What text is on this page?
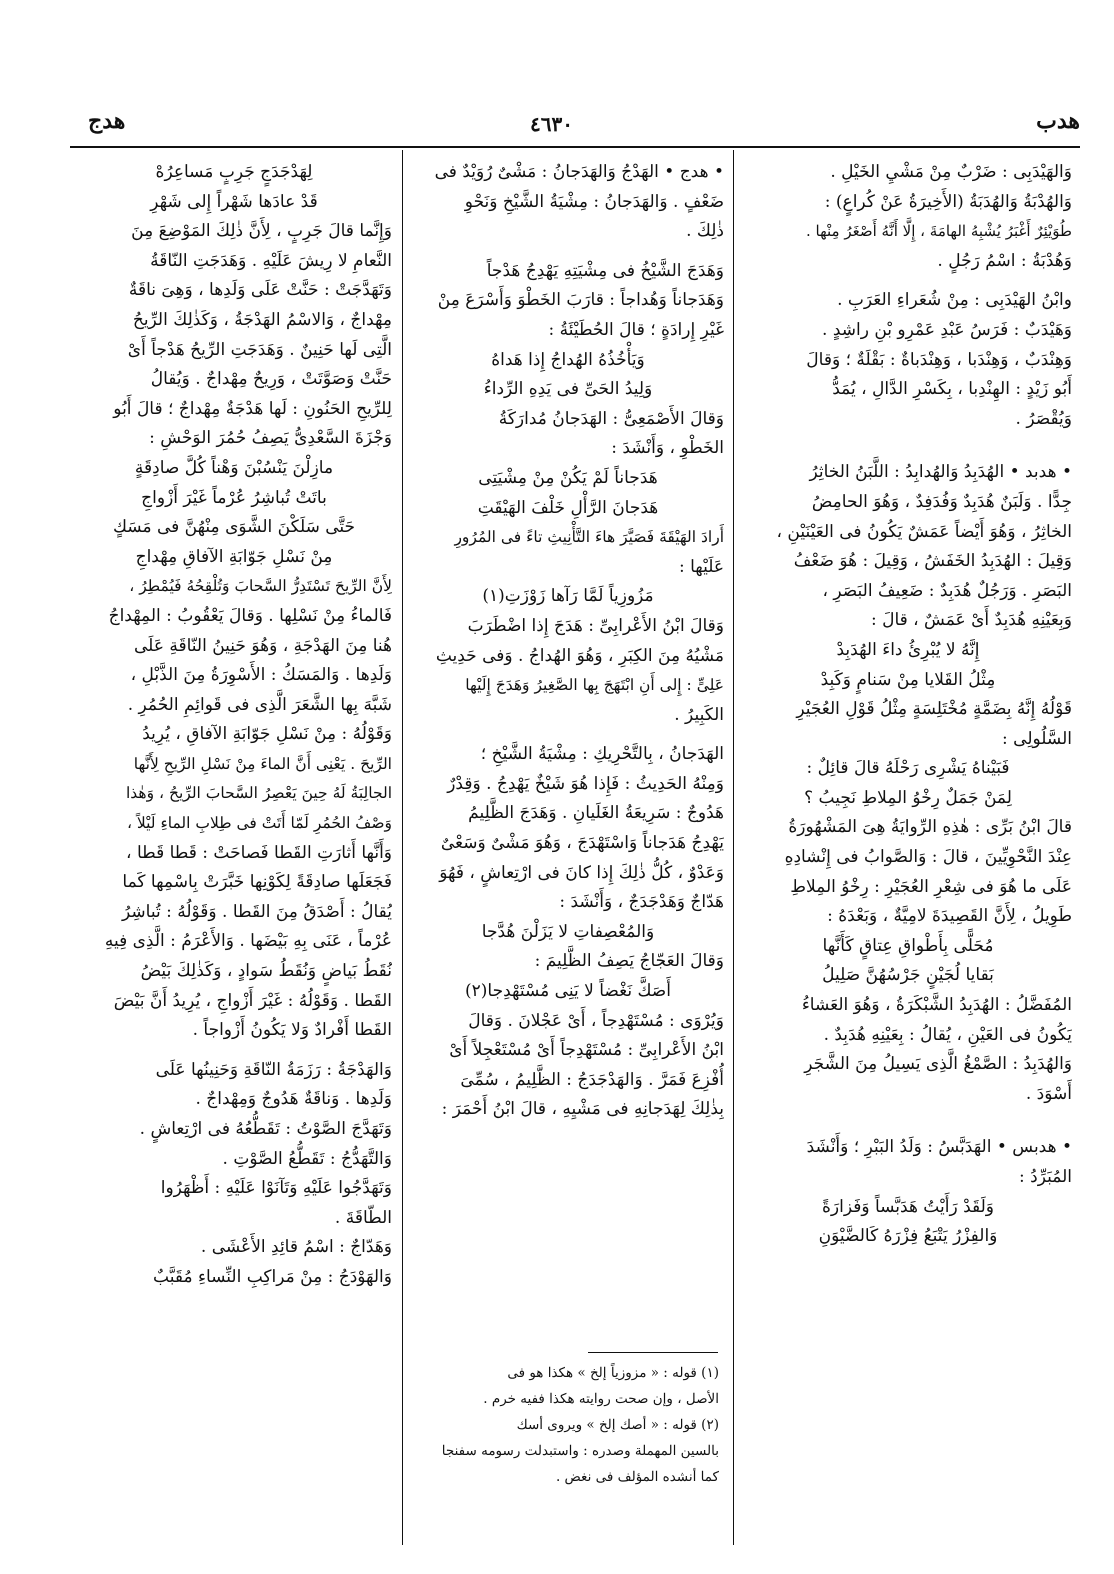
هدب
٤٦٣٠
هدج

وَالهَيْدَبِى : ضَرْبٌ مِنْ مَشْيِ الخَيْلِ .

وَالهُدْبَةُ وَالهُدَبَةُ (الأَخِيرَةُ عَنْ كُراعٍ) :

طُوَيْئِرٌ أَغْبَرُ يُشْبِهُ الهامَةَ ، إِلَّا أَنَّهُ أَصْغَرُ مِنْها .

وَهُدْبَةُ : اسْمُ رَجُلٍ .

وابْنُ الهَيْدَبِى : مِنْ شُعَراءِ العَرَبِ .

وَهَيْدَبٌ : فَرَسُ عَبْدِ عَمْرِو بْنِ راشِدٍ .

وَهِنْدَبٌ ، وَهِنْدَبا ، وَهِنْدَباةٌ : بَقْلَةٌ ؛ وَقالَ

أَبُو زَيْدٍ : الهِنْدِبا ، بِكَسْرِ الدَّالِ ، يُمَدُّ

وَيُقْصَرُ .

• هدبد • الهُدَبِدُ وَالهُدابِدُ : اللَّبَنُ الخاثِرُ

جِدًّا . وَلَبَنٌ هُدَبِدٌ وَفُدَفِدٌ ، وَهُوَ الحامِضُ

الخاثِرُ ، وَهُوَ أَيْضاً عَمَشٌ يَكُونُ فى العَيْنَيْنِ ،

وَقِيلَ : الهُدَبِدُ الخَفَشُ ، وَقِيلَ : هُوَ ضَعْفُ

البَصَرِ . وَرَجُلٌ هُدَبِدٌ : ضَعِيفُ البَصَرِ ،

وَبِعَيْنِهِ هُدَبِدٌ أَىْ عَمَشٌ ، قالَ :

إِنَّهُ لا يُبْرِئُ داءَ الهُدَبِدْ

مِثْلُ القَلايا مِنْ سَنامٍ وَكَبِدْ

قَوْلُهُ إِنَّهُ بِضَمَّةٍ مُخْتَلِسَةٍ مِثْلُ قَوْلِ العُجَيْرِ

السَّلُولِى :

فَبَيْناهُ يَشْرِى رَحْلَهُ قالَ قائِلٌ :

لِمَنْ جَمَلٌ رِخْوُ المِلاطِ نَجِيبُ ؟

قالَ ابْنُ بَرِّى : هٰذِهِ الرِّوايَةُ هِىَ المَشْهُورَةُ

عِنْدَ النَّحْوِيِّينَ ، قالَ : وَالصَّوابُ فى إِنْشادِهِ

عَلَى ما هُوَ فى شِعْرِ العُجَيْرِ : رِخْوُ المِلاطِ

طَوِيلُ ، لِأَنَّ القَصِيدَةَ لامِيَّةٌ ، وَبَعْدَهُ :

مُحَلًّى بِأَطْواقِ عِتاقٍ كَأَنَّها

بَقايا لُجَيْنٍ جَرْسُهُنَّ صَلِيلُ

المُفَضَّلُ : الهُدَبِدُ الشَّبْكَرَةُ ، وَهُوَ العَشاءُ

يَكُونُ فى العَيْنِ ، يُقالُ : بِعَيْنِهِ هُدَبِدٌ .

وَالهُدَبِدُ : الصَّمْغُ الَّذِى يَسِيلُ مِنَ الشَّجَرِ

أَسْوَدَ .

• هدبس • الهَدَبَّسُ : وَلَدُ البَبْرِ ؛ وَأَنْشَدَ

المُبَرِّدُ :

وَلَقَدْ رَأَيْتُ هَدَبَّساً وَفَزارَةً

وَالفِزْرُ يَتْبَعُ فِزْرَهُ كَالضَّيْوَنِ

• هدج • الهَدْجُ وَالهَدَجانُ : مَشْىٌ رُوَيْدٌ فى

ضَعْفٍ . وَالهَدَجانُ : مِشْيَةُ الشَّيْخِ وَنَحْوِ

ذٰلِكَ .

وَهَدَجَ الشَّيْخُ فى مِشْيَتِهِ يَهْدِجُ هَدْجاً

وَهَدَجاناً وَهُداجاً : قارَبَ الخَطْوَ وَأَسْرَعَ مِنْ

غَيْرِ إِرادَةٍ ؛ قالَ الحُطَيْئَةُ :

وَيَأْخُذُهُ الهُداجُ إِذا هَداهُ

وَلِيدُ الحَىِّ فى يَدِهِ الرِّداءُ

وَقالَ الأَصْمَعِىُّ : الهَدَجانُ مُدارَكَةُ

الخَطْوِ ، وَأَنْشَدَ :

هَدَجاناً لَمْ يَكُنْ مِنْ مِشْيَتِى

هَدَجانَ الرَّأْلِ خَلْفَ الهَيْقَتِ

أَرادَ الهَيْقَةَ فَصَيَّرَ هاءَ التَّأْنِيثِ تاءً فى المُرُورِ

عَلَيْها :

مَزُوزِياً لَمَّا رَآها زَوْزَتِ(١)

وَقالَ ابْنُ الأَعْرابِىِّ : هَدَجَ إِذا اضْطَرَبَ

مَشْيُهُ مِنَ الكِبَرِ ، وَهُوَ الهُداجُ . وَفى حَدِيثِ

عَلِىٍّ : إِلى أَنِ ابْتَهَجَ بِها الصَّغِيرُ وَهَدَجَ إِلَيْها

الكَبِيرُ .

الهَدَجانُ ، بِالتَّحْرِيكِ : مِشْيَةُ الشَّيْخِ ؛

وَمِنْهُ الحَدِيثُ : فَإِذا هُوَ شَيْخٌ يَهْدِجُ . وَقِدْرٌ

هَدُوجٌ : سَرِيعَةُ الغَلَيانِ . وَهَدَجَ الظَّلِيمُ

يَهْدِجُ هَدَجاناً وَاسْتَهْدَجَ ، وَهُوَ مَشْىٌ وَسَعْىٌ

وَعَدْوٌ ، كُلُّ ذٰلِكَ إِذا كانَ فى ارْتِعاشٍ ، فَهُوَ

هَدّاجٌ وَهَدْجَدَجٌ ، وَأَنْشَدَ :

وَالمُعْصِفاتِ لا يَزَلْنَ هُدَّجا

وَقالَ العَجّاجُ يَصِفُ الظَّلِيمَ :

أَصَكَّ نَغْضاً لا يَنِى مُسْتَهْدِجا(٢)

وَيُرْوَى : مُسْتَهْدِجاً ، أَىْ عَجْلانَ . وَقالَ

ابْنُ الأَعْرابِىِّ : مُسْتَهْدِجاً أَىْ مُسْتَعْجِلاً أَىْ

أُفْزِعَ فَمَرَّ . وَالهَدْجَدَجُ : الظَّلِيمُ ، سُمِّىَ

بِذٰلِكَ لِهَدَجانِهِ فى مَشْيِهِ ، قالَ ابْنُ أَحْمَرَ :

(١) قوله : « مزوزياً إلخ » هكذا هو فى

الأصل ، وإن صحت روايته هكذا ففيه خرم .

(٢) قوله : « أصك إلخ » ويروى أسك

بالسين المهملة وصدره : واستبدلت رسومه سفنجا

كما أنشده المؤلف فى نغض .

لِهَدْجَدَجٍ جَرِبٍ مَساعِرُهْ

قَدْ عادَها شَهْراً إِلى شَهْرِ

وَإِنَّما قالَ جَرِبٍ ، لِأَنَّ ذٰلِكَ المَوْضِعَ مِنَ

النَّعامِ لا رِيشَ عَلَيْهِ . وَهَدَجَتِ النّاقَةُ

وَتَهَدَّجَتْ : حَنَّتْ عَلَى وَلَدِها ، وَهِىَ ناقَةٌ

مِهْداجٌ ، وَالاسْمُ الهَدْجَةُ ، وَكَذٰلِكَ الرِّيحُ

الَّتِى لَها حَنِينٌ . وَهَدَجَتِ الرِّيحُ هَدْجاً أَىْ

حَنَّتْ وَصَوَّتَتْ ، وَرِيحٌ مِهْداجٌ . وَيُقالُ

لِلرِّيحِ الحَنُونِ : لَها هَدْجَةٌ مِهْداجٌ ؛ قالَ أَبُو

وَجْزَةَ السَّعْدِىُّ يَصِفُ حُمُرَ الوَحْشِ :

مازِلْنَ يَنْسُبْنَ وَهْناً كُلَّ صادِقَةٍ

باتَتْ تُباشِرُ عُرْماً غَيْرَ أَزْواجِ

حَتَّى سَلَكْنَ الشَّوَى مِنْهُنَّ فى مَسَكٍ

مِنْ نَسْلِ جَوّابَةِ الآفاقِ مِهْداجِ

لِأَنَّ الرِّيحَ تَسْتَدِرُّ السَّحابَ وَتُلْقِحُهُ فَيُمْطِرُ ،

فَالماءُ مِنْ نَسْلِها . وَقالَ يَعْقُوبُ : المِهْداجُ

هُنا مِنَ الهَدْجَةِ ، وَهُوَ حَنِينُ النّاقَةِ عَلَى

وَلَدِها . وَالمَسَكُ : الأَسْوِرَةُ مِنَ الذَّبْلِ ،

شَبَّهَ بِها الشَّعَرَ الَّذِى فى قَوائِمِ الحُمُرِ .

وَقَوْلُهُ : مِنْ نَسْلِ جَوّابَةِ الآفاقِ ، يُرِيدُ

الرِّيحَ . يَعْنِى أَنَّ الماءَ مِنْ نَسْلِ الرِّيحِ لِأَنَّها

الجالِبَةُ لَهُ حِينَ يَعْصِرُ السَّحابَ الرِّيحُ ، وَهٰذا

وَصْفُ الحُمُرِ لَمّا أَتَتْ فى طِلابِ الماءِ لَيْلاً ،

وَأَنَّها أَثارَتِ القَطا فَصاحَتْ : قَطا قَطا ،

فَجَعَلَها صادِقَةً لِكَوْنِها خَبَّرَتْ بِاسْمِها كَما

يُقالُ : أَصْدَقُ مِنَ القَطا . وَقَوْلُهُ : تُباشِرُ

عُرْماً ، عَنَى بِهِ بَيْضَها . وَالأَعْرَمُ : الَّذِى فِيهِ

نُقَطُ بَياضٍ وَنُقَطُ سَوادٍ ، وَكَذٰلِكَ بَيْضُ

القَطا . وَقَوْلُهُ : غَيْرَ أَزْواجِ ، يُرِيدُ أَنَّ بَيْضَ

القَطا أَفْرادٌ وَلا يَكُونُ أَزْواجاً .

وَالهَدْجَةُ : رَزَمَةُ النّاقَةِ وَحَنِينُها عَلَى

وَلَدِها . وَناقَةٌ هَدُوجٌ وَمِهْداجٌ .

وَتَهَدَّجَ الصَّوْتُ : تَقَطُّعُهُ فى ارْتِعاشٍ .

وَالتَّهَدُّجُ : تَقَطُّعُ الصَّوْتِ .

وَتَهَدَّجُوا عَلَيْهِ وَتَآنَوْا عَلَيْهِ : أَظْهَرُوا

الطّاقَةَ .

وَهَدّاجٌ : اسْمُ قائِدِ الأَعْشَى .

وَالهَوْدَجُ : مِنْ مَراكِبِ النِّساءِ مُقَبَّبٌ
